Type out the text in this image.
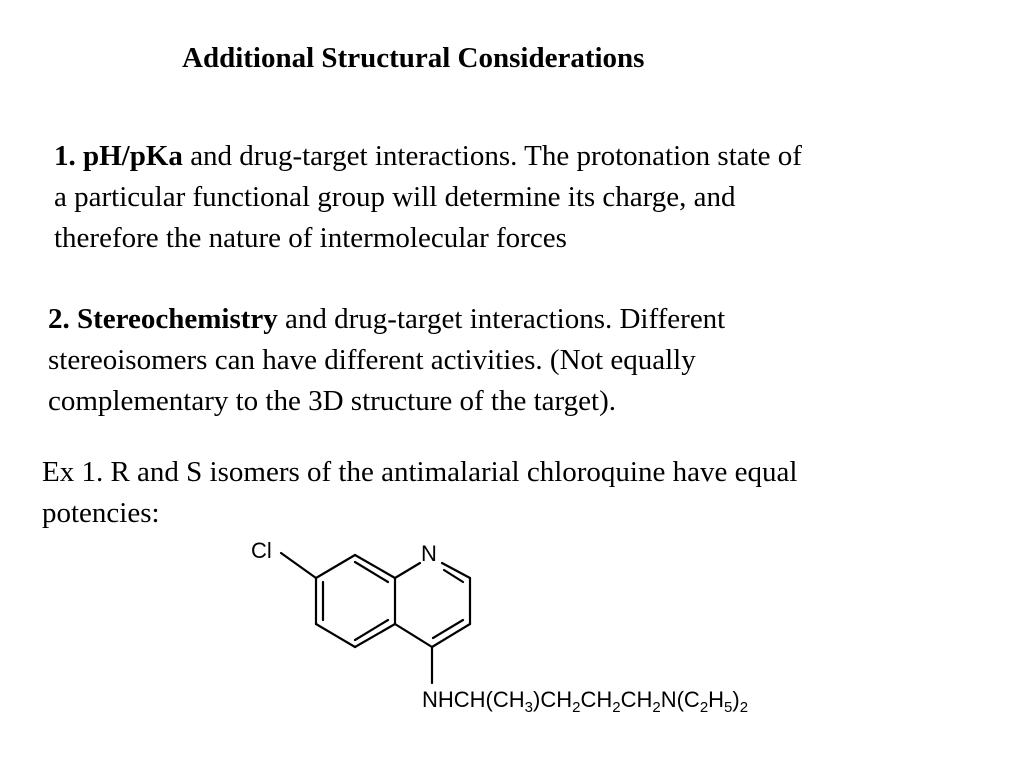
Additional Structural Considerations

1. pH/pKa and drug-target interactions. The protonation state of
a particular functional group will determine its charge, and
therefore the nature of intermolecular forces

2. Stereochemistry and drug-target interactions. Different
stereoisomers can have different activities. (Not equally
complementary to the 3D structure of the target).

Ex 1. R and S isomers of the antimalarial chloroquine have equal
potencies:

Cl	N
$NHCH(CH_3)CH_2CH_2CH_2N(C_2H_5)_2$
